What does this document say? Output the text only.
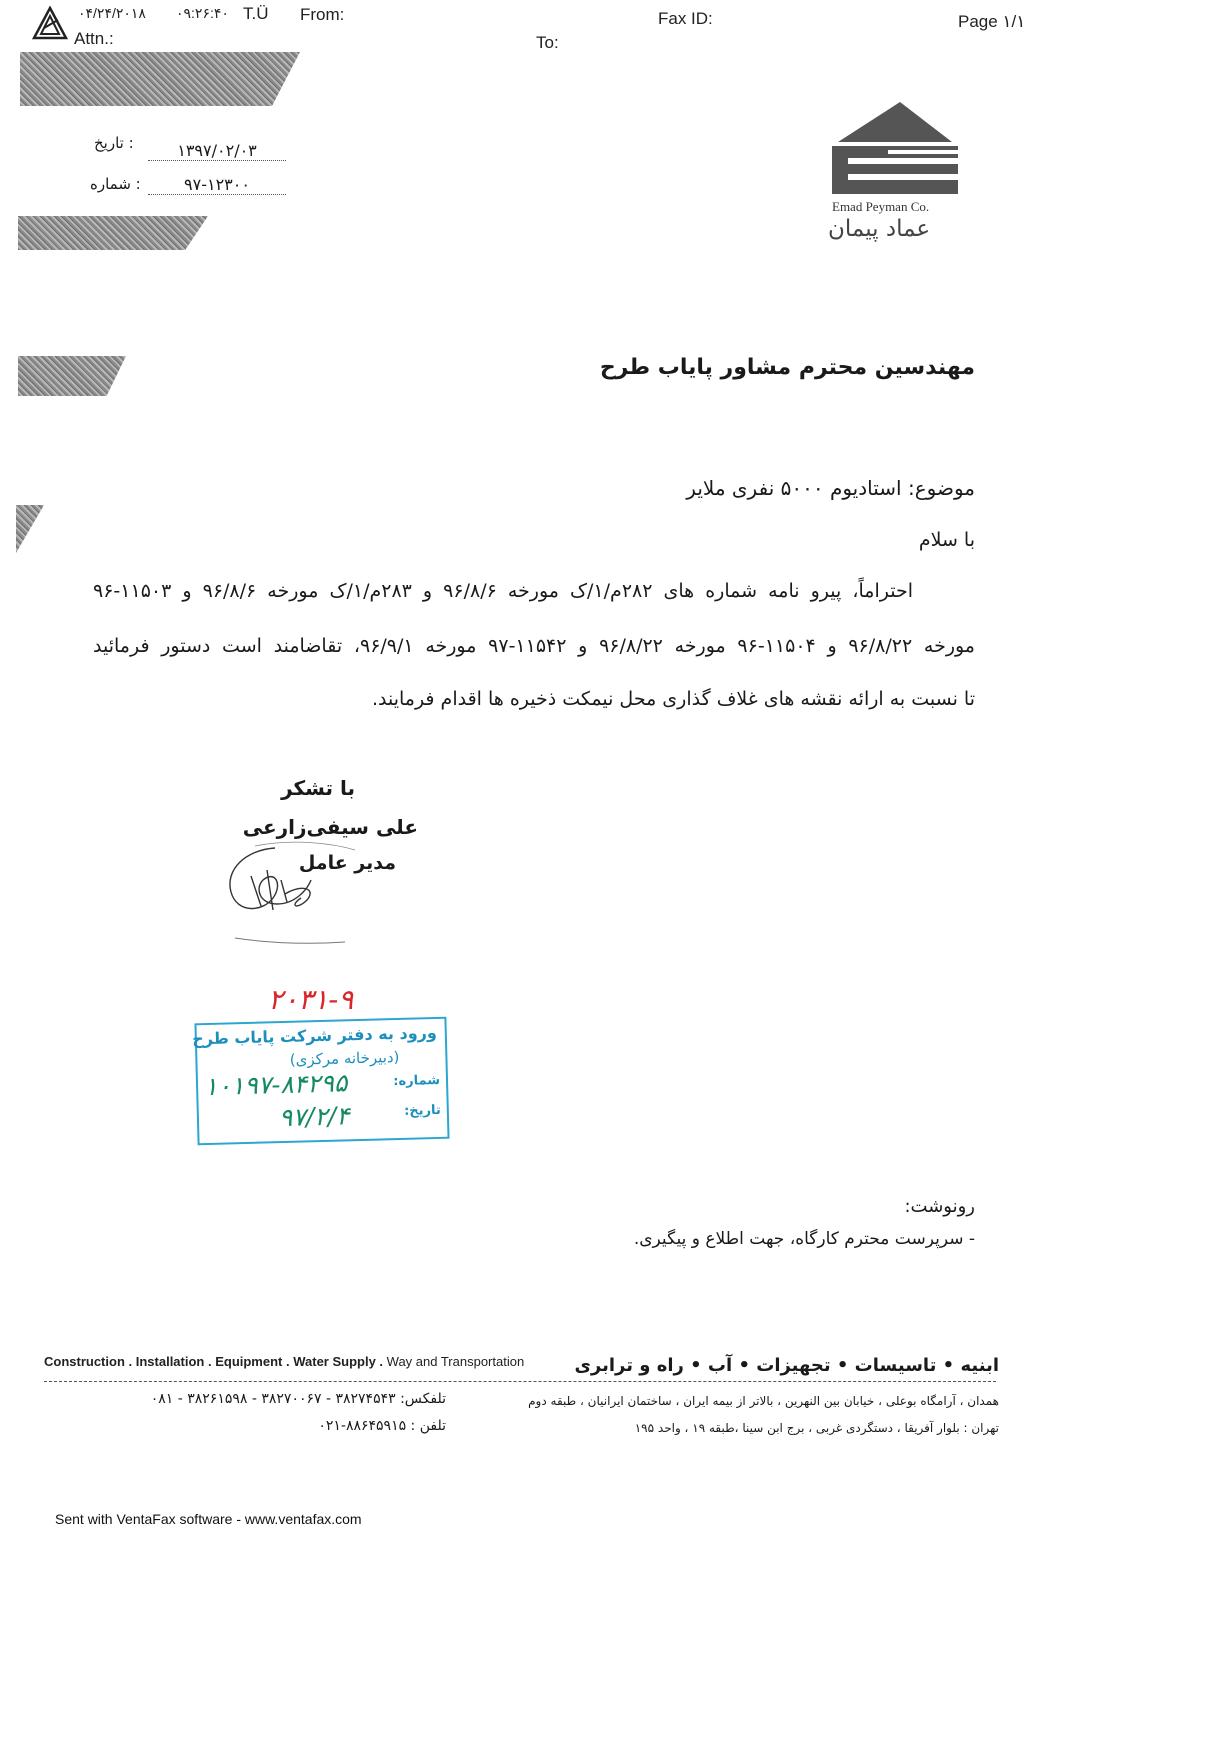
۰۴/۲۴/۲۰۱۸ ۰۹:۲۶:۴۰ T.Ü From:	Fax ID:	Page ۱/۱
Attn.:	To:
: تاریخ	۱۳۹۷/۰۲/۰۳
: شماره	۹۷-۱۲۳۰۰
Emad Peyman Co.
عماد پیمان
مهندسین محترم مشاور پایاب طرح
موضوع: استادیوم ۵۰۰۰ نفری ملایر
با سلام
احتراماً، پیرو نامه شماره های ۲۸۲م/۱/ک مورخه ۹۶/۸/۶ و ۲۸۳م/۱/ک مورخه ۹۶/۸/۶ و ۱۱۵۰۳-۹۶
مورخه ۹۶/۸/۲۲ و ۱۱۵۰۴-۹۶ مورخه ۹۶/۸/۲۲ و ۱۱۵۴۲-۹۷ مورخه ۹۶/۹/۱، تقاضامند است دستور فرمائید
تا نسبت به ارائه نقشه های غلاف گذاری محل نیمکت ذخیره ها اقدام فرمایند.
با تشکر
علی سیفی‌زارعی
مدیر عامل
۲۰۳۱-۹
ورود به دفتر شرکت پایاب طرح
(دبیرخانه مرکزی)
شماره:
۱۰۱۹۷-۸۴۲۹۵
تاریخ:
۹۷/۲/۴
رونوشت:
- سرپرست محترم کارگاه، جهت اطلاع و پیگیری.
Construction . Installation . Equipment . Water Supply . Way and Transportation	ابنیه • تاسیسات • تجهیزات • آب • راه و ترابری
همدان ، آرامگاه بوعلی ، خیابان بین النهرین ، بالاتر از بیمه ایران ، ساختمان ایرانیان ، طبقه دوم
تلفکس: ۳۸۲۷۴۵۴۳ - ۳۸۲۷۰۰۶۷ - ۳۸۲۶۱۵۹۸ - ۰۸۱
تهران : بلوار آفریقا ، دستگردی غربی ، برج ابن سینا ،طبقه ۱۹ ، واحد ۱۹۵
تلفن : ۸۸۶۴۵۹۱۵-۰۲۱
Sent with VentaFax software - www.ventafax.com
